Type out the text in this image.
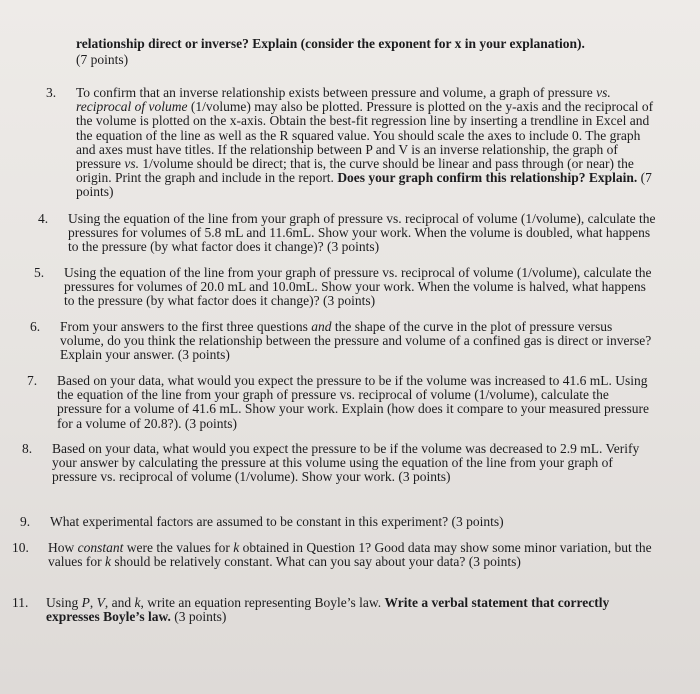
relationship direct or inverse? Explain (consider the exponent for x in your explanation).
(7 points)
3. To confirm that an inverse relationship exists between pressure and volume, a graph of pressure vs. reciprocal of volume (1/volume) may also be plotted. Pressure is plotted on the y-axis and the reciprocal of the volume is plotted on the x-axis. Obtain the best-fit regression line by inserting a trendline in Excel and the equation of the line as well as the R squared value. You should scale the axes to include 0. The graph and axes must have titles. If the relationship between P and V is an inverse relationship, the graph of pressure vs. 1/volume should be direct; that is, the curve should be linear and pass through (or near) the origin. Print the graph and include in the report. Does your graph confirm this relationship? Explain. (7 points)
4. Using the equation of the line from your graph of pressure vs. reciprocal of volume (1/volume), calculate the pressures for volumes of 5.8 mL and 11.6mL. Show your work. When the volume is doubled, what happens to the pressure (by what factor does it change)? (3 points)
5. Using the equation of the line from your graph of pressure vs. reciprocal of volume (1/volume), calculate the pressures for volumes of 20.0 mL and 10.0mL. Show your work. When the volume is halved, what happens to the pressure (by what factor does it change)? (3 points)
6. From your answers to the first three questions and the shape of the curve in the plot of pressure versus volume, do you think the relationship between the pressure and volume of a confined gas is direct or inverse? Explain your answer. (3 points)
7. Based on your data, what would you expect the pressure to be if the volume was increased to 41.6 mL. Using the equation of the line from your graph of pressure vs. reciprocal of volume (1/volume), calculate the pressure for a volume of 41.6 mL. Show your work. Explain (how does it compare to your measured pressure for a volume of 20.8?). (3 points)
8. Based on your data, what would you expect the pressure to be if the volume was decreased to 2.9 mL. Verify your answer by calculating the pressure at this volume using the equation of the line from your graph of pressure vs. reciprocal of volume (1/volume). Show your work. (3 points)
9. What experimental factors are assumed to be constant in this experiment? (3 points)
10. How constant were the values for k obtained in Question 1? Good data may show some minor variation, but the values for k should be relatively constant. What can you say about your data? (3 points)
11. Using P, V, and k, write an equation representing Boyle’s law. Write a verbal statement that correctly expresses Boyle’s law. (3 points)
